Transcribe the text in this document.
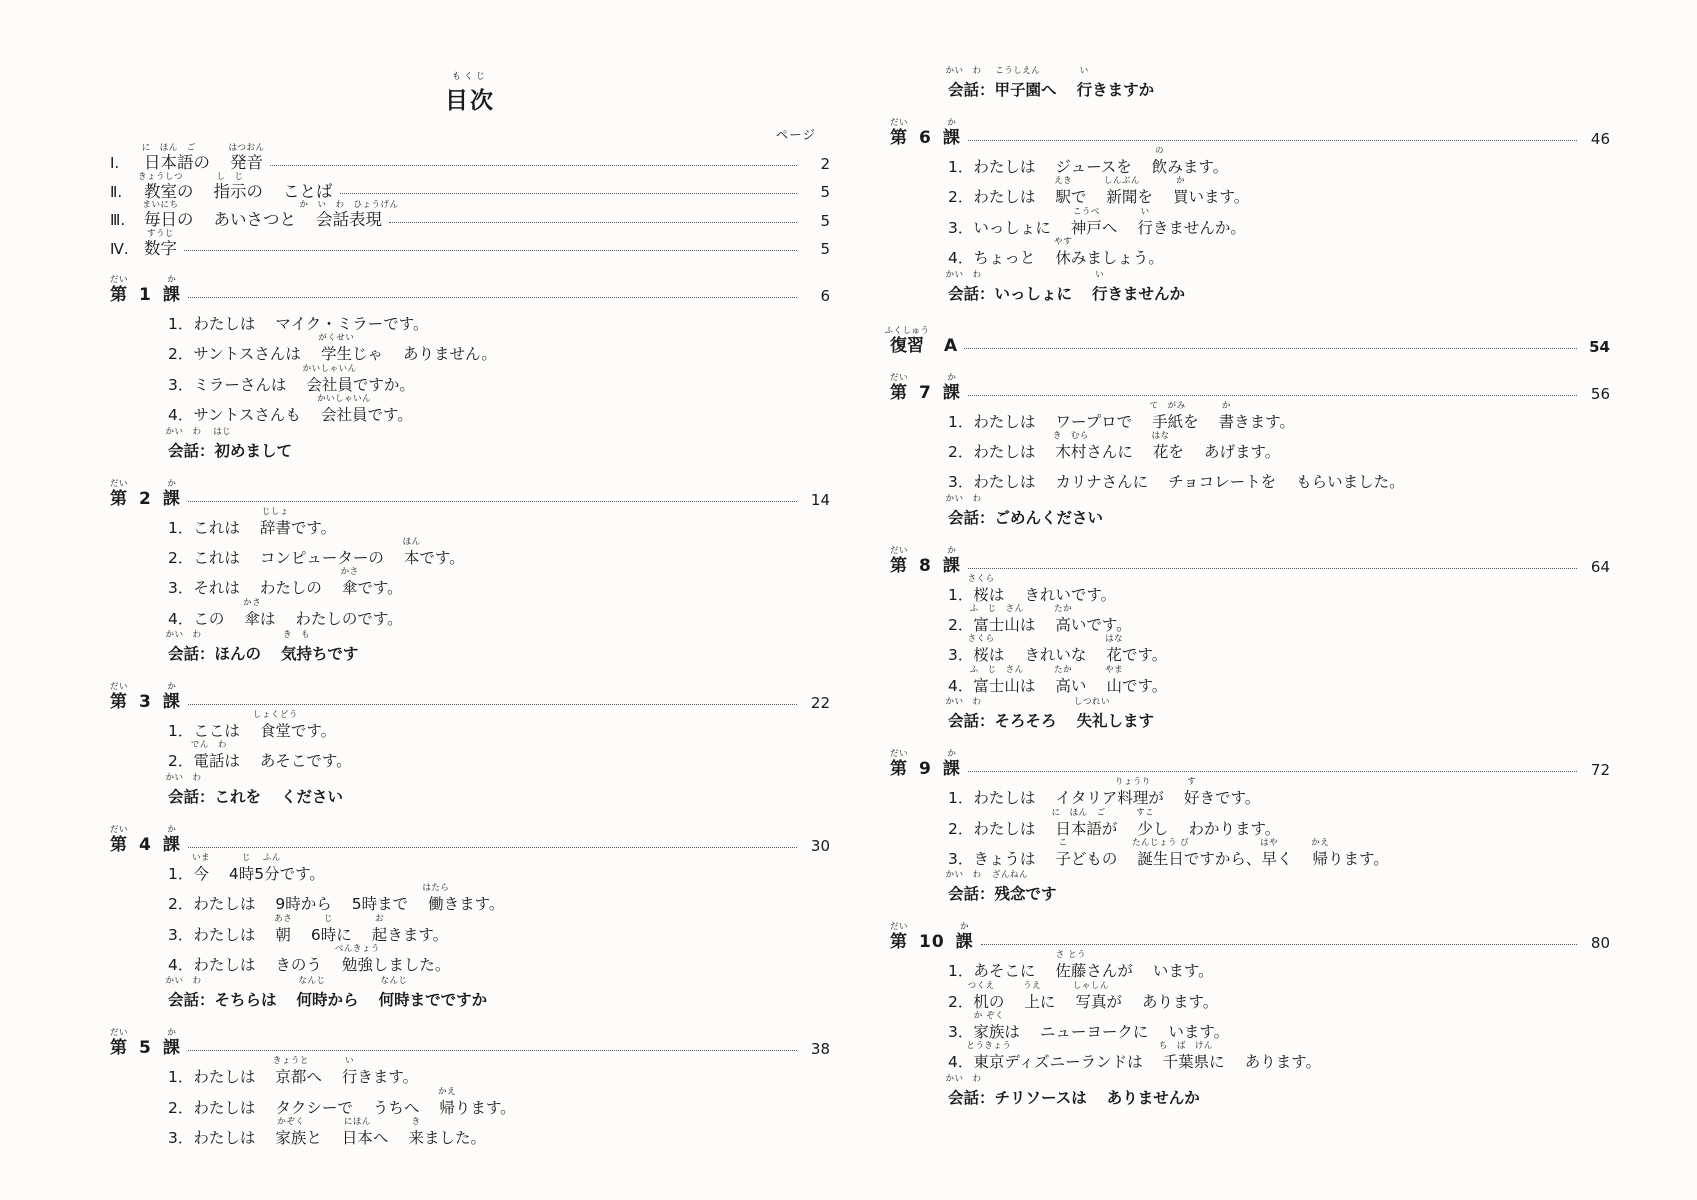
もくじ
目次
ページ
Ⅰ.
に　ほん　ご
日本語の
はつおん
発音	2
Ⅱ.
きょうしつ
教室の
し　じ
指示の ことば	5
Ⅲ.
まいにち
毎日の あいさつと
か　い　わ　ひょうげん
会話表現	5
Ⅳ.
すうじ
数字	5
だい
第 1
か
課	6
1．わたしは マイク・ミラーです。
2．サントスさんは
がくせい
学生じゃ ありません。
3．ミラーさんは
かいしゃいん
会社員ですか。
4．サントスさんも
かいしゃいん
会社員です。
かい　わ
会話：
はじ
初めまして
だい
第 2
か
課	14
1．これは
じしょ
辞書です。
2．これは コンピューターの
ほん
本です。
3．それは わたしの
かさ
傘です。
4．この
かさ
傘は わたしのです。
かい　わ
会話：ほんの
き　も
気持ちです
だい
第 3
か
課	22
1．ここは
しょくどう
食堂です。
2．
でん　わ
電話は あそこです。
かい　わ
会話：これを ください
だい
第 4
か
課	30
1．
いま
今 4
じ
時5
ふん
分です。
2．わたしは 9時から 5時まで
はたら
働きます。
3．わたしは
あさ
朝 6
じ
時に
お
起きます。
4．わたしは きのう
べんきょう
勉強しました。
かい　わ
会話：そちらは
なんじ
何時から
なんじ
何時までですか
だい
第 5
か
課	38
1．わたしは
きょうと
京都へ
い
行きます。
2．わたしは タクシーで うちへ
かえ
帰ります。
3．わたしは
かぞく
家族と
にほん
日本へ
き
来ました。
かい　わ
会話：
こうしえん
甲子園へ
い
行きますか
だい
第 6
か
課	46
1．わたしは ジュースを
の
飲みます。
2．わたしは
えき
駅で
しんぶん
新聞を
か
買います。
3．いっしょに
こうべ
神戸へ
い
行きませんか。
4．ちょっと
やす
休みましょう。
かい　わ
会話：いっしょに
い
行きませんか
ふくしゅう
復習 A	54
だい
第 7
か
課	56
1．わたしは ワープロで
て　がみ
手紙を
か
書きます。
2．わたしは
き　むら
木村さんに
はな
花を あげます。
3．わたしは カリナさんに チョコレートを もらいました。
かい　わ
会話：ごめんください
だい
第 8
か
課	64
1．
さくら
桜は きれいです。
2．
ふ　じ　さん
富士山は
たか
高いです。
3．
さくら
桜は きれいな
はな
花です。
4．
ふ　じ　さん
富士山は
たか
高い
やま
山です。
かい　わ
会話：そろそろ
しつれい
失礼します
だい
第 9
か
課	72
1．わたしは イタリア
りょうり
料理が
す
好きです。
2．わたしは
に　ほん　ご
日本語が
すこ
少し わかります。
3．きょうは
こ
子どもの
たんじょう び
誕生日ですから、
はや
早く
かえ
帰ります。
かい　わ
会話：
ざんねん
残念です
だい
第 10
か
課	80
1．あそこに
さ とう
佐藤さんが います。
2．
つくえ
机の
うえ
上に
しゃしん
写真が あります。
3．
か ぞく
家族は ニューヨークに います。
4．
とうきょう
東京ディズニーランドは
ち　ば　けん
千葉県に あります。
かい　わ
会話：チリソースは ありませんか
